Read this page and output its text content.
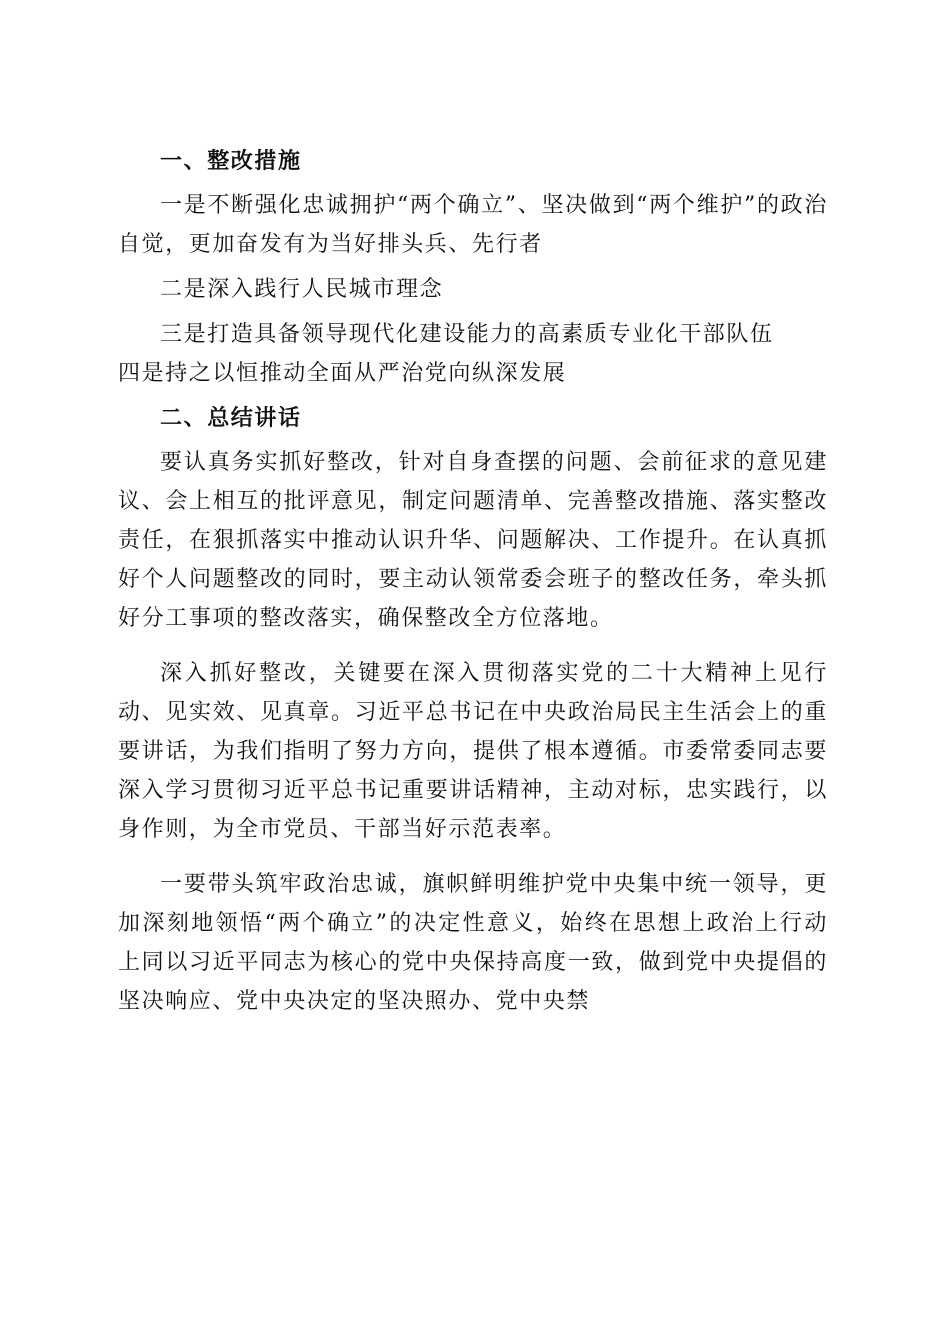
一、整改措施

一是不断强化忠诚拥护“两个确立”、坚决做到“两个维护”的政治自觉，更加奋发有为当好排头兵、先行者

二是深入践行人民城市理念

三是打造具备领导现代化建设能力的高素质专业化干部队伍

四是持之以恒推动全面从严治党向纵深发展

二、总结讲话

要认真务实抓好整改，针对自身查摆的问题、会前征求的意见建议、会上相互的批评意见，制定问题清单、完善整改措施、落实整改责任，在狠抓落实中推动认识升华、问题解决、工作提升。在认真抓好个人问题整改的同时，要主动认领常委会班子的整改任务，牵头抓好分工事项的整改落实，确保整改全方位落地。

深入抓好整改，关键要在深入贯彻落实党的二十大精神上见行动、见实效、见真章。习近平总书记在中央政治局民主生活会上的重要讲话，为我们指明了努力方向，提供了根本遵循。市委常委同志要深入学习贯彻习近平总书记重要讲话精神，主动对标，忠实践行，以身作则，为全市党员、干部当好示范表率。

一要带头筑牢政治忠诚，旗帜鲜明维护党中央集中统一领导，更加深刻地领悟“两个确立”的决定性意义，始终在思想上政治上行动上同以习近平同志为核心的党中央保持高度一致，做到党中央提倡的坚决响应、党中央决定的坚决照办、党中央禁
